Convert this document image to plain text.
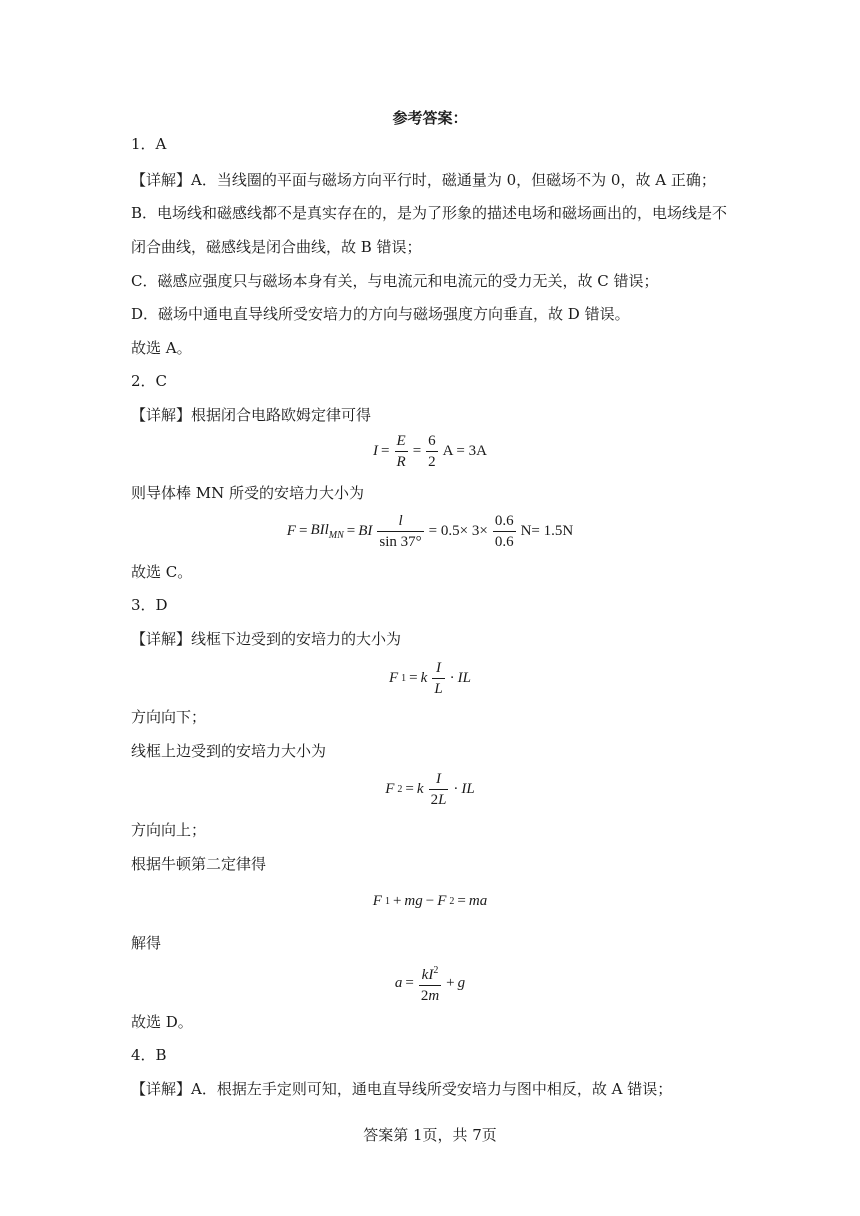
参考答案：
1．A
【详解】A．当线圈的平面与磁场方向平行时，磁通量为 0，但磁场不为 0，故 A 正确；
B．电场线和磁感线都不是真实存在的，是为了形象的描述电场和磁场画出的，电场线是不
闭合曲线，磁感线是闭合曲线，故 B 错误；
C．磁感应强度只与磁场本身有关，与电流元和电流元的受力无关，故 C 错误；
D．磁场中通电直导线所受安培力的方向与磁场强度方向垂直，故 D 错误。
故选 A。
2．C
【详解】根据闭合电路欧姆定律可得
$I = \frac{E}{R} = \frac{6}{2}$ A = 3A
则导体棒 MN 所受的安培力大小为
F = BIl$_{MN}$ = BI $\frac{l}{\sin 37^\circ} = 0.5\times 3\times \frac{0.6}{0.6} N= 1.5N$
故选 C。
3．D
【详解】线框下边受到的安培力的大小为
F 1 = k $\frac{I}{L}$ · IL
方向向下；
线框上边受到的安培力大小为
F 2 = k $\frac{I}{2L}$ · IL
方向向上；
根据牛顿第二定律得
F 1 + mg − F 2 = ma
解得
$a = \frac{kI^2}{2m} + g$
故选 D。
4．B
【详解】A．根据左手定则可知，通电直导线所受安培力与图中相反，故 A 错误；
答案第 1页，共 7页
